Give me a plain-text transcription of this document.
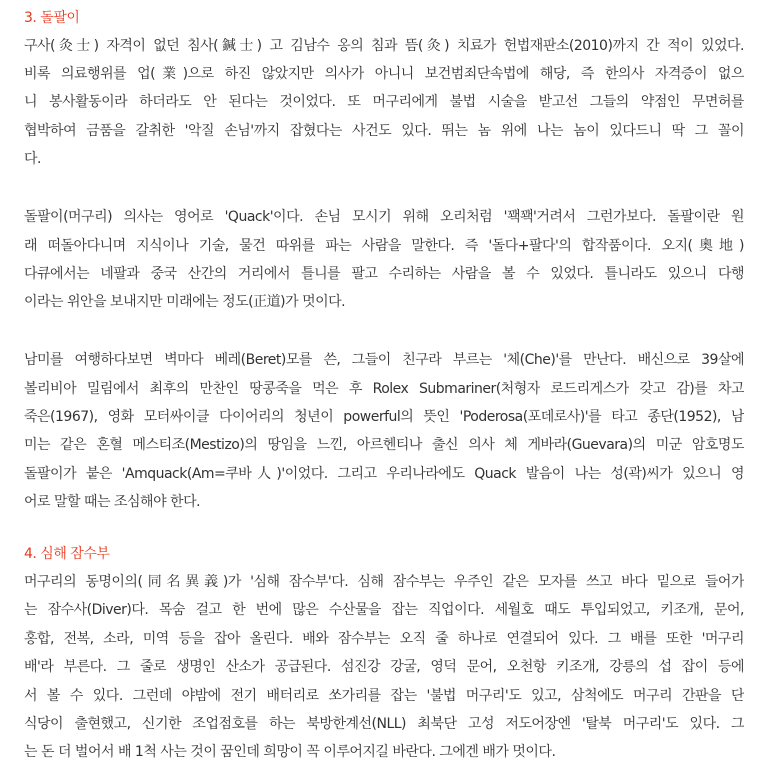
3. 돌팔이
구사(灸士) 자격이 없던 침사(鍼士) 고 김남수 옹의 침과 뜸(灸) 치료가 헌법재판소(2010)까지 간 적이 있었다.
비록 의료행위를 업(業)으로 하진 않았지만 의사가 아니니 보건범죄단속법에 해당, 즉 한의사 자격증이 없으
니 봉사활동이라 하더라도 안 된다는 것이었다. 또 머구리에게 불법 시술을 받고선 그들의 약점인 무면허를
협박하여 금품을 갈취한 '악질 손님'까지 잡혔다는 사건도 있다. 뛰는 놈 위에 나는 놈이 있다드니 딱 그 꼴이
다.
돌팔이(머구리) 의사는 영어로 'Quack'이다. 손님 모시기 위해 오리처럼 '꽥꽥'거려서 그런가보다. 돌팔이란 원
래 떠돌아다니며 지식이나 기술, 물건 따위를 파는 사람을 말한다. 즉 '돌다+팔다'의 합작품이다. 오지(奧地)
다큐에서는 네팔과 중국 산간의 거리에서 틀니를 팔고 수리하는 사람을 볼 수 있었다. 틀니라도 있으니 다행
이라는 위안을 보내지만 미래에는 정도(正道)가 멋이다.
남미를 여행하다보면 벽마다 베레(Beret)모를 쓴, 그들이 친구라 부르는 '체(Che)'를 만난다. 배신으로 39살에
볼리비아 밀림에서 최후의 만찬인 땅콩죽을 먹은 후 Rolex Submariner(처형자 로드리게스가 갖고 감)를 차고
죽은(1967), 영화 모터싸이클 다이어리의 청년이 powerful의 뜻인 'Poderosa(포데로사)'를 타고 종단(1952), 남
미는 같은 혼혈 메스티조(Mestizo)의 땅임을 느낀, 아르헨티나 출신 의사 체 게바라(Guevara)의 미군 암호명도
돌팔이가 붙은 'Amquack(Am=쿠바人)'이었다. 그리고 우리나라에도 Quack 발음이 나는 성(곽)씨가 있으니 영
어로 말할 때는 조심해야 한다.
4. 심해 잠수부
머구리의 동명이의(同名異義)가 '심해 잠수부'다. 심해 잠수부는 우주인 같은 모자를 쓰고 바다 밑으로 들어가
는 잠수사(Diver)다. 목숨 걸고 한 번에 많은 수산물을 잡는 직업이다. 세월호 때도 투입되었고, 키조개, 문어,
홍합, 전복, 소라, 미역 등을 잡아 올린다. 배와 잠수부는 오직 줄 하나로 연결되어 있다. 그 배를 또한 '머구리
배'라 부른다. 그 줄로 생명인 산소가 공급된다. 섬진강 강굴, 영덕 문어, 오천항 키조개, 강릉의 섭 잡이 등에
서 볼 수 있다. 그런데 야밤에 전기 배터리로 쏘가리를 잡는 '불법 머구리'도 있고, 삼척에도 머구리 간판을 단
식당이 출현했고, 신기한 조업점호를 하는 북방한계선(NLL) 최북단 고성 저도어장엔 '탈북 머구리'도 있다. 그
는 돈 더 벌어서 배 1척 사는 것이 꿈인데 희망이 꼭 이루어지길 바란다. 그에겐 배가 멋이다.
